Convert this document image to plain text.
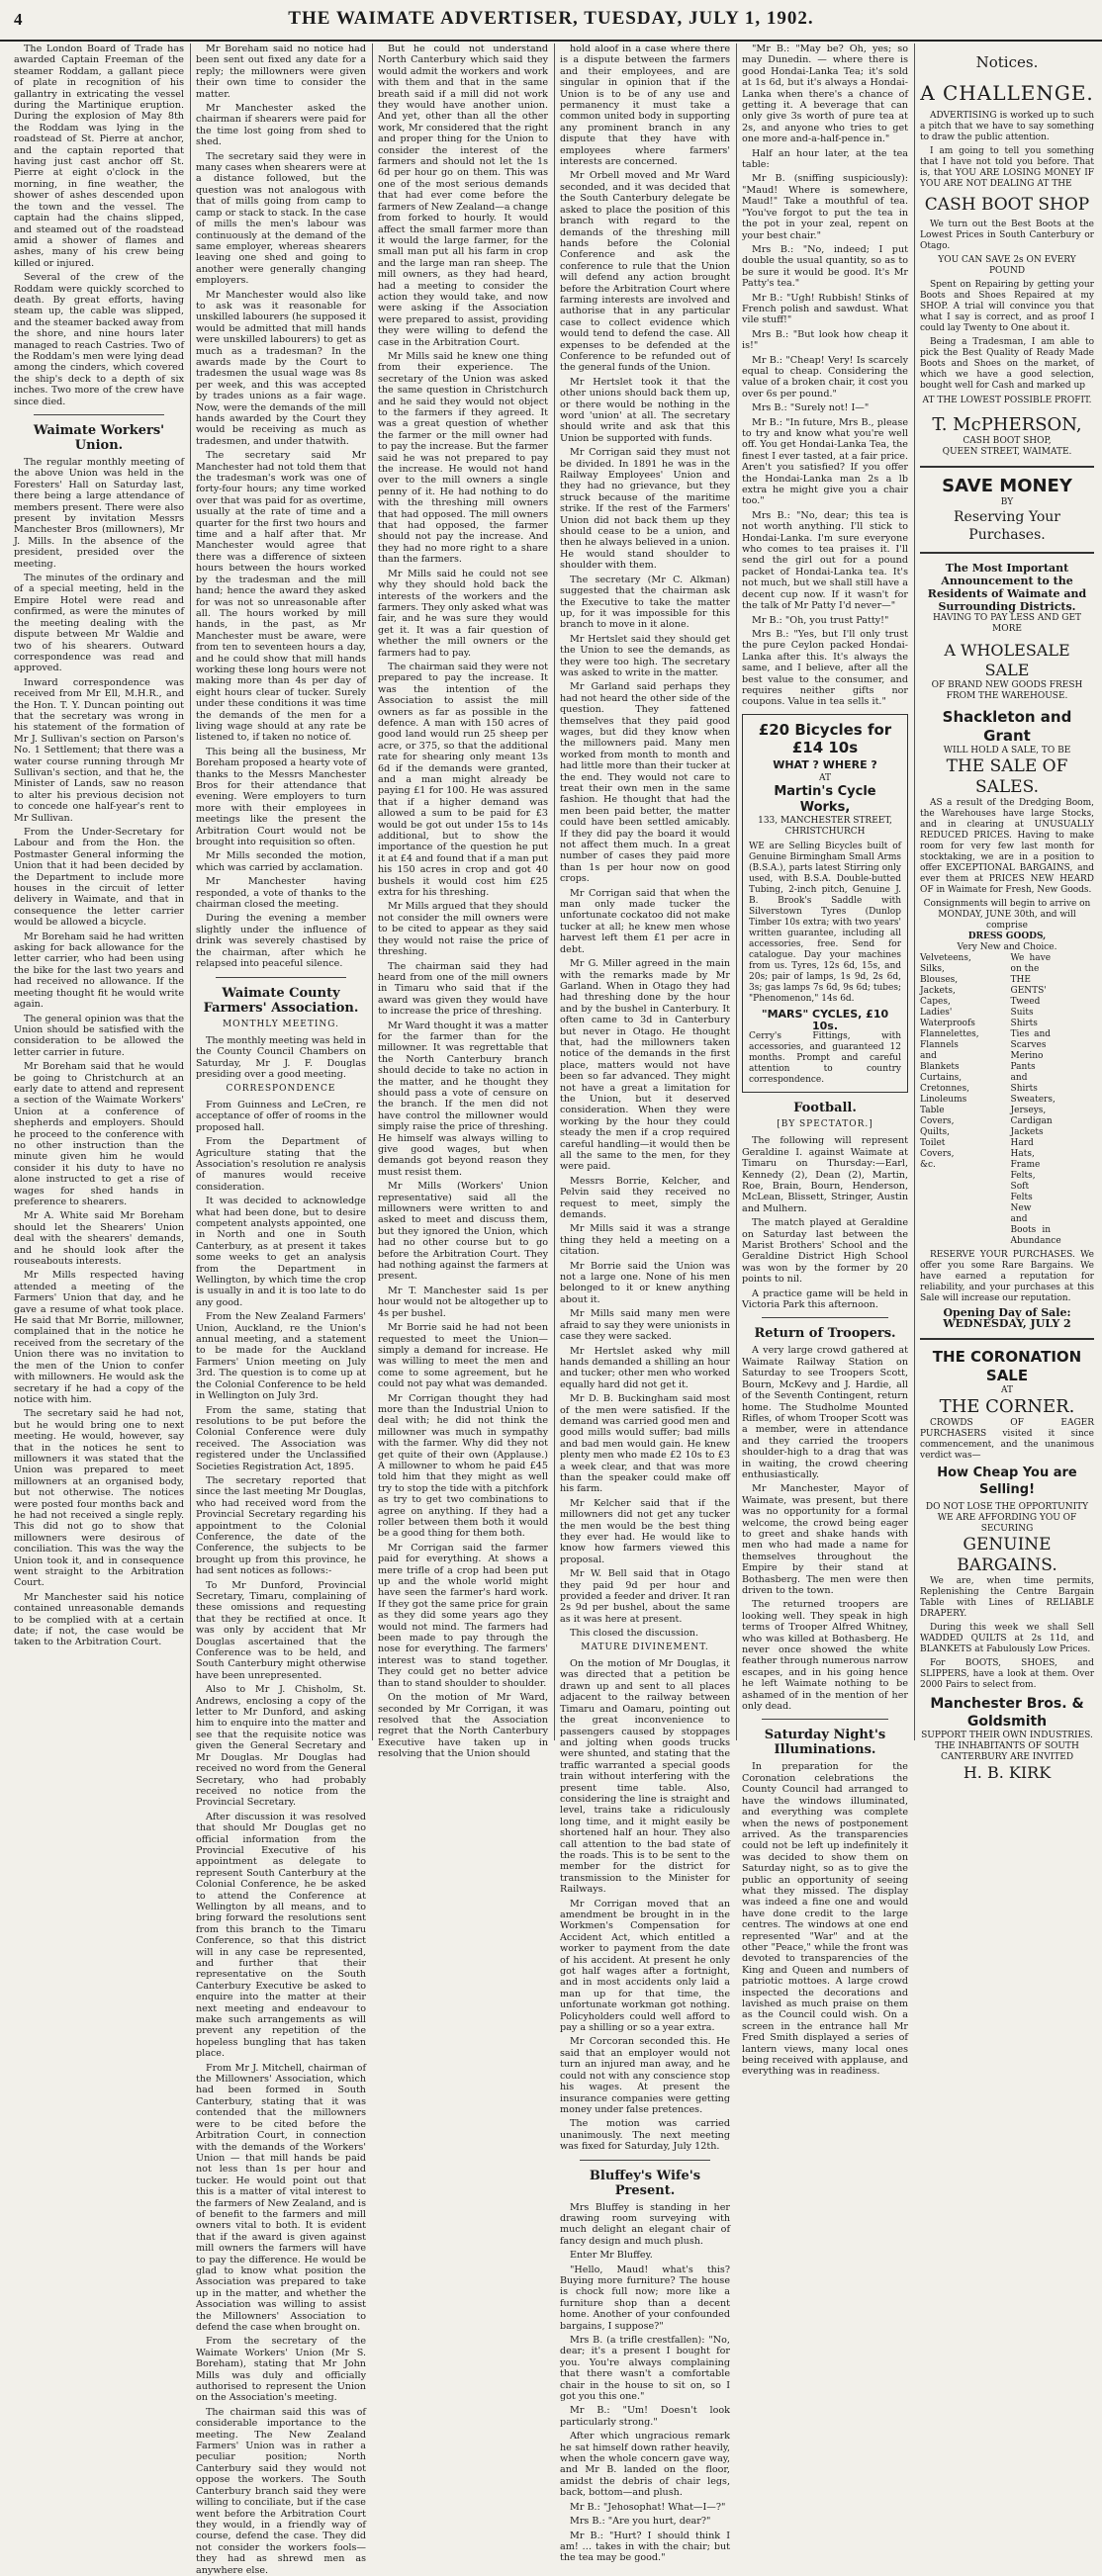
4	THE WAIMATE ADVERTISER, TUESDAY, JULY 1, 1902.

The London Board of Trade has awarded Captain Freeman of the steamer Roddam, a gallant piece of plate in recognition of his gallantry in extricating the vessel during the Martinique eruption. During the explosion of May 8th the Roddam was lying in the roadstead of St. Pierre at anchor, and the captain reported that having just cast anchor off St. Pierre at eight o'clock in the morning, in fine weather, the shower of ashes descended upon the town and the vessel. The captain had the chains slipped, and steamed out of the roadstead amid a shower of flames and ashes, many of his crew being killed or injured.

Several of the crew of the Roddam were quickly scorched to death. By great efforts, having steam up, the cable was slipped, and the steamer backed away from the shore, and nine hours later managed to reach Castries. Two of the Roddam's men were lying dead among the cinders, which covered the ship's deck to a depth of six inches. Two more of the crew have since died.

Waimate Workers' Union.

The regular monthly meeting of the above Union was held in the Foresters' Hall on Saturday last, there being a large attendance of members present. There were also present by invitation Messrs Manchester Bros (millowners), Mr J. Mills. In the absence of the president, presided over the meeting.

The minutes of the ordinary and of a special meeting, held in the Empire Hotel were read and confirmed, as were the minutes of the meeting dealing with the dispute between Mr Waldie and two of his shearers. Outward correspondence was read and approved.

Inward correspondence was received from Mr Ell, M.H.R., and the Hon. T. Y. Duncan pointing out that the secretary was wrong in his statement of the formation of Mr J. Sullivan's section on Parson's No. 1 Settlement; that there was a water course running through Mr Sullivan's section, and that he, the Minister of Lands, saw no reason to alter his previous decision not to concede one half-year's rent to Mr Sullivan.

From the Under-Secretary for Labour and from the Hon. the Postmaster General informing the Union that it had been decided by the Department to include more houses in the circuit of letter delivery in Waimate, and that in consequence the letter carrier would be allowed a bicycle.

Mr Boreham said he had written asking for back allowance for the letter carrier, who had been using the bike for the last two years and had received no allowance. If the meeting thought fit he would write again.

The general opinion was that the Union should be satisfied with the consideration to be allowed the letter carrier in future.

Mr Boreham said that he would be going to Christchurch at an early date to attend and represent a section of the Waimate Workers' Union at a conference of shepherds and employers. Should he proceed to the conference with no other instruction than the minute given him he would consider it his duty to have no alone instructed to get a rise of wages for shed hands in preference to shearers.

Mr A. White said Mr Boreham should let the Shearers' Union deal with the shearers' demands, and he should look after the rouseabouts interests.

Mr Mills respected having attended a meeting of the Farmers' Union that day, and he gave a resume of what took place. He said that Mr Borrie, millowner, complained that in the notice he received from the secretary of the Union there was no invitation to the men of the Union to confer with millowners. He would ask the secretary if he had a copy of the notice with him.

The secretary said he had not, but he would bring one to next meeting. He would, however, say that in the notices he sent to millowners it was stated that the Union was prepared to meet millowners at an organised body, but not otherwise. The notices were posted four months back and he had not received a single reply. This did not go to show that millowners were desirous of conciliation. This was the way the Union took it, and in consequence went straight to the Arbitration Court.

Mr Manchester said his notice contained unreasonable demands to be complied with at a certain date; if not, the case would be taken to the Arbitration Court.

Mr Boreham said no notice had been sent out fixed any date for a reply; the millowners were given their own time to consider the matter.

Mr Manchester asked the chairman if shearers were paid for the time lost going from shed to shed.

The secretary said they were in many cases when shearers were at a distance followed, but the question was not analogous with that of mills going from camp to camp or stack to stack. In the case of mills the men's labour was continuously at the demand of the same employer, whereas shearers leaving one shed and going to another were generally changing employers.

Mr Manchester would also like to ask was it reasonable for unskilled labourers (he supposed it would be admitted that mill hands were unskilled labourers) to get as much as a tradesman? In the awards made by the Court to tradesmen the usual wage was 8s per week, and this was accepted by trades unions as a fair wage. Now, were the demands of the mill hands awarded by the Court they would be receiving as much as tradesmen, and under thatwith.

The secretary said Mr Manchester had not told them that the tradesman's work was one of forty-four hours; any time worked over that was paid for as overtime, usually at the rate of time and a quarter for the first two hours and time and a half after that. Mr Manchester would agree that there was a difference of sixteen hours between the hours worked by the tradesman and the mill hand; hence the award they asked for was not so unreasonable after all. The hours worked by mill hands, in the past, as Mr Manchester must be aware, were from ten to seventeen hours a day, and he could show that mill hands working these long hours were not making more than 4s per day of eight hours clear of tucker. Surely under these conditions it was time the demands of the men for a living wage should at any rate be listened to, if taken no notice of.

This being all the business, Mr Boreham proposed a hearty vote of thanks to the Messrs Manchester Bros for their attendance that evening. Were employers to turn more with their employees in meetings like the present the Arbitration Court would not be brought into requisition so often.

Mr Mills seconded the motion, which was carried by acclamation.

Mr Manchester having responded, a vote of thanks to the chairman closed the meeting.

During the evening a member slightly under the influence of drink was severely chastised by the chairman, after which he relapsed into peaceful silence.

Waimate County Farmers' Association.
MONTHLY MEETING.

The monthly meeting was held in the County Council Chambers on Saturday, Mr J. F. Douglas presiding over a good meeting.

CORRESPONDENCE

From Guinness and LeCren, re acceptance of offer of rooms in the proposed hall.

From the Department of Agriculture stating that the Association's resolution re analysis of manures would receive consideration.

It was decided to acknowledge what had been done, but to desire competent analysts appointed, one in North and one in South Canterbury, as at present it takes some weeks to get an analysis from the Department in Wellington, by which time the crop is usually in and it is too late to do any good.

From the New Zealand Farmers' Union, Auckland, re the Union's annual meeting, and a statement to be made for the Auckland Farmers' Union meeting on July 3rd. The question is to come up at the Colonial Conference to be held in Wellington on July 3rd.

From the same, stating that resolutions to be put before the Colonial Conference were duly received. The Association was registered under the Unclassified Societies Registration Act, 1895.

The secretary reported that since the last meeting Mr Douglas, who had received word from the Provincial Secretary regarding his appointment to the Colonial Conference, the date of the Conference, the subjects to be brought up from this province, he had sent notices as follows:-

To Mr Dunford, Provincial Secretary, Timaru, complaining of these omissions and requesting that they be rectified at once. It was only by accident that Mr Douglas ascertained that the Conference was to be held, and South Canterbury might otherwise have been unrepresented.

Also to Mr J. Chisholm, St. Andrews, enclosing a copy of the letter to Mr Dunford, and asking him to enquire into the matter and see that the requisite notice was given the General Secretary and Mr Douglas. Mr Douglas had received no word from the General Secretary, who had probably received no notice from the Provincial Secretary.

After discussion it was resolved that should Mr Douglas get no official information from the Provincial Executive of his appointment as delegate to represent South Canterbury at the Colonial Conference, he be asked to attend the Conference at Wellington by all means, and to bring forward the resolutions sent from this branch to the Timaru Conference, so that this district will in any case be represented, and further that their representative on the South Canterbury Executive be asked to enquire into the matter at their next meeting and endeavour to make such arrangements as will prevent any repetition of the hopeless bungling that has taken place.

From Mr J. Mitchell, chairman of the Millowners' Association, which had been formed in South Canterbury, stating that it was contended that the millowners were to be cited before the Arbitration Court, in connection with the demands of the Workers' Union — that mill hands be paid not less than 1s per hour and tucker. He would point out that this is a matter of vital interest to the farmers of New Zealand, and is of benefit to the farmers and mill owners vital to both. It is evident that if the award is given against mill owners the farmers will have to pay the difference. He would be glad to know what position the Association was prepared to take up in the matter, and whether the Association was willing to assist the Millowners' Association to defend the case when brought on.

From the secretary of the Waimate Workers' Union (Mr S. Boreham), stating that Mr John Mills was duly and officially authorised to represent the Union on the Association's meeting.

The chairman said this was of considerable importance to the meeting. The New Zealand Farmers' Union was in rather a peculiar position; North Canterbury said they would not oppose the workers. The South Canterbury branch said they were willing to conciliate, but if the case went before the Arbitration Court they would, in a friendly way of course, defend the case. They did not consider the workers fools—they had as shrewd men as anywhere else.

But he could not understand North Canterbury which said they would admit the workers and work with them and that in the same breath said if a mill did not work they would have another union. And yet, other than all the other work, Mr considered that the right and proper thing for the Union to consider the interest of the farmers and should not let the 1s 6d per hour go on them. This was one of the most serious demands that had ever come before the farmers of New Zealand—a change from forked to hourly. It would affect the small farmer more than it would the large farmer, for the small man put all his farm in crop and the large man ran sheep. The mill owners, as they had heard, had a meeting to consider the action they would take, and now were asking if the Association were prepared to assist, providing they were willing to defend the case in the Arbitration Court.

Mr Mills said he knew one thing from their experience. The secretary of the Union was asked the same question in Christchurch and he said they would not object to the farmers if they agreed. It was a great question of whether the farmer or the mill owner had to pay the increase. But the farmer said he was not prepared to pay the increase. He would not hand over to the mill owners a single penny of it. He had nothing to do with the threshing mill owners that had opposed. The mill owners that had opposed, the farmer should not pay the increase. And they had no more right to a share than the farmers.

Mr Mills said he could not see why they should hold back the interests of the workers and the farmers. They only asked what was fair, and he was sure they would get it. It was a fair question of whether the mill owners or the farmers had to pay.

The chairman said they were not prepared to pay the increase. It was the intention of the Association to assist the mill owners as far as possible in the defence. A man with 150 acres of good land would run 25 sheep per acre, or 375, so that the additional rate for shearing only meant 13s 6d if the demands were granted, and a man might already be paying £1 for 100. He was assured that if a higher demand was allowed a sum to be paid for £3 would be got out under 15s to 14s additional, but to show the importance of the question he put it at £4 and found that if a man put his 150 acres in crop and got 40 bushels it would cost him £25 extra for his threshing.

Mr Mills argued that they should not consider the mill owners were to be cited to appear as they said they would not raise the price of threshing.

The chairman said they had heard from one of the mill owners in Timaru who said that if the award was given they would have to increase the price of threshing.

Mr Ward thought it was a matter for the farmer than for the millowner. It was regrettable that the North Canterbury branch should decide to take no action in the matter, and he thought they should pass a vote of censure on the branch. If the men did not have control the millowner would simply raise the price of threshing. He himself was always willing to give good wages, but when demands got beyond reason they must resist them.

Mr Mills (Workers' Union representative) said all the millowners were written to and asked to meet and discuss them, but they ignored the Union, which had no other course but to go before the Arbitration Court. They had nothing against the farmers at present.

Mr T. Manchester said 1s per hour would not be altogether up to 4s per bushel.

Mr Borrie said he had not been requested to meet the Union—simply a demand for increase. He was willing to meet the men and come to some agreement, but he could not pay what was demanded.

Mr Corrigan thought they had more than the Industrial Union to deal with; he did not think the millowner was much in sympathy with the farmer. Why did they not get quite of their own (Applause.) A millowner to whom he paid £45 told him that they might as well try to stop the tide with a pitchfork as try to get two combinations to agree on anything. If they had a roller between them both it would be a good thing for them both.

Mr Corrigan said the farmer paid for everything. At shows a mere trifle of a crop had been put up and the whole world might have seen the farmer's hard work. If they got the same price for grain as they did some years ago they would not mind. The farmers had been made to pay through the nose for everything. The farmers' interest was to stand together. They could get no better advice than to stand shoulder to shoulder.

On the motion of Mr Ward, seconded by Mr Corrigan, it was resolved that the Association regret that the North Canterbury Executive have taken up in resolving that the Union should

hold aloof in a case where there is a dispute between the farmers and their employees, and are singular in opinion that if the Union is to be of any use and permanency it must take a common united body in supporting any prominent branch in any dispute that they have with employees where farmers' interests are concerned.

Mr Orbell moved and Mr Ward seconded, and it was decided that the South Canterbury delegate be asked to place the position of this branch with regard to the demands of the threshing mill hands before the Colonial Conference and ask the conference to rule that the Union will defend any action brought before the Arbitration Court where farming interests are involved and authorise that in any particular case to collect evidence which would tend to defend the case. All expenses to be defended at the Conference to be refunded out of the general funds of the Union.

Mr Hertslet took it that the other unions should back them up, or there would be nothing in the word 'union' at all. The secretary should write and ask that this Union be supported with funds.

Mr Corrigan said they must not be divided. In 1891 he was in the Railway Employees' Union and they had no grievance, but they struck because of the maritime strike. If the rest of the Farmers' Union did not back them up they should cease to be a union, and then he always believed in a union. He would stand shoulder to shoulder with them.

The secretary (Mr C. Alkman) suggested that the chairman ask the Executive to take the matter up, for it was impossible for this branch to move in it alone.

Mr Hertslet said they should get the Union to see the demands, as they were too high. The secretary was asked to write in the matter.

Mr Garland said perhaps they had not heard the other side of the question. They fattened themselves that they paid good wages, but did they know when the millowners paid. Many men worked from month to month and had little more than their tucker at the end. They would not care to treat their own men in the same fashion. He thought that had the men been paid better, the matter could have been settled amicably. If they did pay the board it would not affect them much. In a great number of cases they paid more than 1s per hour now on good crops.

Mr Corrigan said that when the man only made tucker the unfortunate cockatoo did not make tucker at all; he knew men whose harvest left them £1 per acre in debt.

Mr G. Miller agreed in the main with the remarks made by Mr Garland. When in Otago they had had threshing done by the hour and by the bushel in Canterbury. It often came to 3d in Canterbury but never in Otago. He thought that, had the millowners taken notice of the demands in the first place, matters would not have been so far advanced. They might not have a great a limitation for the Union, but it deserved consideration. When they were working by the hour they could steady the men if a crop required careful handling—it would then be all the same to the men, for they were paid.

Messrs Borrie, Kelcher, and Pelvin said they received no request to meet, simply the demands.

Mr Mills said it was a strange thing they held a meeting on a citation.

Mr Borrie said the Union was not a large one. None of his men belonged to it or knew anything about it.

Mr Mills said many men were afraid to say they were unionists in case they were sacked.

Mr Hertslet asked why mill hands demanded a shilling an hour and tucker; other men who worked equally hard did not get it.

Mr D. B. Buckingham said most of the men were satisfied. If the demand was carried good men and good mills would suffer; bad mills and bad men would gain. He knew plenty men who made £2 10s to £3 a week clear, and that was more than the speaker could make off his farm.

Mr Kelcher said that if the millowners did not get any tucker the men would be the best thing they ever had. He would like to know how farmers viewed this proposal.

Mr W. Bell said that in Otago they paid 9d per hour and provided a feeder and driver. It ran 2s 9d per bushel, about the same as it was here at present.

This closed the discussion.

MATURE DIVINEMENT.

On the motion of Mr Douglas, it was directed that a petition be drawn up and sent to all places adjacent to the railway between Timaru and Oamaru, pointing out the great inconvenience to passengers caused by stoppages and jolting when goods trucks were shunted, and stating that the traffic warranted a special goods train without interfering with the present time table. Also, considering the line is straight and level, trains take a ridiculously long time, and it might easily be shortened half an hour. They also call attention to the bad state of the roads. This is to be sent to the member for the district for transmission to the Minister for Railways.

Mr Corrigan moved that an amendment be brought in in the Workmen's Compensation for Accident Act, which entitled a worker to payment from the date of his accident. At present he only got half wages after a fortnight, and in most accidents only laid a man up for that time, the unfortunate workman got nothing. Policyholders could well afford to pay a shilling or so a year extra.

Mr Corcoran seconded this. He said that an employer would not turn an injured man away, and he could not with any conscience stop his wages. At present the insurance companies were getting money under false pretences.

The motion was carried unanimously. The next meeting was fixed for Saturday, July 12th.

Bluffey's Wife's Present.

Mrs Bluffey is standing in her drawing room surveying with much delight an elegant chair of fancy design and much plush.

Enter Mr Bluffey.

"Hello, Maud! what's this? Buying more furniture? The house is chock full now; more like a furniture shop than a decent home. Another of your confounded bargains, I suppose?"

Mrs B. (a trifle crestfallen): "No, dear; it's a present I bought for you. You're always complaining that there wasn't a comfortable chair in the house to sit on, so I got you this one."

Mr B.: "Um! Doesn't look particularly strong."

After which ungracious remark he sat himself down rather heavily, when the whole concern gave way, and Mr B. landed on the floor, amidst the debris of chair legs, back, bottom—and plush.

Mr B.: "Jehosophat! What—I—?"

Mrs B.: "Are you hurt, dear?"

Mr B.: "Hurt? I should think I am! … takes in with the chair; but the tea may be good."

"Mr B.: "May be? Oh, yes; so may Dunedin. — where there is good Hondai-Lanka Tea; it's sold at 1s 6d, but it's always a Hondai-Lanka when there's a chance of getting it. A beverage that can only give 3s worth of pure tea at 2s, and anyone who tries to get one more and-a-half-pence in."

Half an hour later, at the tea table:

Mr B. (sniffing suspiciously): "Maud! Where is somewhere, Maud!" Take a mouthful of tea. "You've forgot to put the tea in the pot in your zeal, repent on your best chair."

Mrs B.: "No, indeed; I put double the usual quantity, so as to be sure it would be good. It's Mr Patty's tea."

Mr B.: "Ugh! Rubbish! Stinks of French polish and sawdust. What vile stuff!"

Mrs B.: "But look how cheap it is!"

Mr B.: "Cheap! Very! Is scarcely equal to cheap. Considering the value of a broken chair, it cost you over 6s per pound."

Mrs B.: "Surely not! I—"

Mr B.: "In future, Mrs B., please to try and know what you're well off. You get Hondai-Lanka Tea, the finest I ever tasted, at a fair price. Aren't you satisfied? If you offer the Hondai-Lanka man 2s a lb extra he might give you a chair too."

Mrs B.: "No, dear; this tea is not worth anything. I'll stick to Hondai-Lanka. I'm sure everyone who comes to tea praises it. I'll send the girl out for a pound packet of Hondai-Lanka tea. It's not much, but we shall still have a decent cup now. If it wasn't for the talk of Mr Patty I'd never—"

Mr B.: "Oh, you trust Patty!"

Mrs B.: "Yes, but I'll only trust the pure Ceylon packed Hondai-Lanka after this. It's always the same, and I believe, after all the best value to the consumer, and requires neither gifts nor coupons. Value in tea sells it."

£20 Bicycles for £14 10s
WHAT ? WHERE ?
AT
Martin's Cycle Works,
133, MANCHESTER STREET, CHRISTCHURCH
WE are Selling Bicycles built of Genuine Birmingham Small Arms (B.S.A.), parts latest Stirring only used, with B.S.A. Double-butted Tubing, 2-inch pitch, Genuine J. B. Brook's Saddle with Silverstown Tyres (Dunlop Timber 10s extra; with two years' written guarantee, including all accessories, free. Send for catalogue. Day your machines from us. Tyres, 12s 6d, 15s, and 20s; pair of lamps, 1s 9d, 2s 6d, 3s; gas lamps 7s 6d, 9s 6d; tubes; "Phenomenon," 14s 6d.
"MARS" CYCLES, £10 10s.
Cerry's Fittings, with accessories, and guaranteed 12 months. Prompt and careful attention to country correspondence.
Football.
[BY SPECTATOR.]

The following will represent Geraldine I. against Waimate at Timaru on Thursday:—Earl, Kennedy (2), Dean (2), Martin, Roe, Brain, Bourn, Henderson, McLean, Blissett, Stringer, Austin and Mulhern.

The match played at Geraldine on Saturday last between the Marist Brothers' School and the Geraldine District High School was won by the former by 20 points to nil.

A practice game will be held in Victoria Park this afternoon.

Return of Troopers.

A very large crowd gathered at Waimate Railway Station on Saturday to see Troopers Scott, Bourn, McKevy and J. Hardie, all of the Seventh Contingent, return home. The Studholme Mounted Rifles, of whom Trooper Scott was a member, were in attendance and they carried the troopers shoulder-high to a drag that was in waiting, the crowd cheering enthusiastically.

Mr Manchester, Mayor of Waimate, was present, but there was no opportunity for a formal welcome, the crowd being eager to greet and shake hands with men who had made a name for themselves throughout the Empire by their stand at Bothasberg. The men were then driven to the town.

The returned troopers are looking well. They speak in high terms of Trooper Alfred Whitney, who was killed at Bothasberg. He never once showed the white feather through numerous narrow escapes, and in his going hence he left Waimate nothing to be ashamed of in the mention of her only dead.

Saturday Night's Illuminations.

In preparation for the Coronation celebrations the County Council had arranged to have the windows illuminated, and everything was complete when the news of postponement arrived. As the transparencies could not be left up indefinitely it was decided to show them on Saturday night, so as to give the public an opportunity of seeing what they missed. The display was indeed a fine one and would have done credit to the large centres. The windows at one end represented "War" and at the other "Peace," while the front was devoted to transparencies of the King and Queen and numbers of patriotic mottoes. A large crowd inspected the decorations and lavished as much praise on them as the Council could wish. On a screen in the entrance hall Mr Fred Smith displayed a series of lantern views, many local ones being received with applause, and everything was in readiness.

Notices.
A CHALLENGE.

ADVERTISING is worked up to such a pitch that we have to say something to draw the public attention.

I am going to tell you something that I have not told you before. That is, that YOU ARE LOSING MONEY IF YOU ARE NOT DEALING AT THE

CASH BOOT SHOP

We turn out the Best Boots at the Lowest Prices in South Canterbury or Otago.

YOU CAN SAVE 2s ON EVERY POUND

Spent on Repairing by getting your Boots and Shoes Repaired at my SHOP. A trial will convince you that what I say is correct, and as proof I could lay Twenty to One about it.

Being a Tradesman, I am able to pick the Best Quality of Ready Made Boots and Shoes on the market, of which we have a good selection, bought well for Cash and marked up

AT THE LOWEST POSSIBLE PROFIT.
T. McPHERSON,
CASH BOOT SHOP,
QUEEN STREET, WAIMATE.
SAVE MONEY
BY
Reserving Your Purchases.
The Most Important Announcement to the Residents of Waimate and Surrounding Districts.
HAVING TO PAY LESS AND GET MORE
A WHOLESALE SALE
OF BRAND NEW GOODS FRESH FROM THE WAREHOUSE.
Shackleton and Grant
WILL HOLD A SALE, TO BE
THE SALE OF SALES.

AS a result of the Dredging Boom, the Warehouses have large Stocks, and in clearing at UNUSUALLY REDUCED PRICES. Having to make room for very few last month for stocktaking, we are in a position to offer EXCEPTIONAL BARGAINS, and ever them at PRICES NEW HEARD OF in Waimate for Fresh, New Goods.

Consignments will begin to arrive on MONDAY, JUNE 30th, and will comprise
DRESS GOODS,
Very New and Choice.
Velveteens, Silks, Blouses,
Jackets, Capes, Ladies' Waterproofs
Flannelettes, Flannels and Blankets
Curtains, Cretonnes, Linoleums
Table Covers, Quilts, Toilet Covers, &c.
We have on the
THE GENTS'
Tweed Suits
Shirts
Ties and Scarves
Merino Pants and Shirts
Sweaters, Jerseys, Cardigan Jackets
Hard Hats, Frame Felts, Soft Felts
New and Boots in Abundance

RESERVE YOUR PURCHASES. We offer you some Rare Bargains. We have earned a reputation for reliability, and your purchases at this Sale will increase our reputation.

Opening Day of Sale: WEDNESDAY, JULY 2
THE CORONATION SALE
AT
THE CORNER.

CROWDS OF EAGER PURCHASERS visited it since commencement, and the unanimous verdict was—

How Cheap You are Selling!
DO NOT LOSE THE OPPORTUNITY WE ARE AFFORDING YOU OF SECURING
GENUINE BARGAINS.

We are, when time permits, Replenishing the Centre Bargain Table with Lines of RELIABLE DRAPERY.

During this week we shall Sell WADDED QUILTS at 2s 11d, and BLANKETS at Fabulously Low Prices.

For BOOTS, SHOES, and SLIPPERS, have a look at them. Over 2000 Pairs to select from.

Manchester Bros. & Goldsmith
SUPPORT THEIR OWN INDUSTRIES.
THE INHABITANTS OF SOUTH CANTERBURY ARE INVITED
H. B. KIRK
